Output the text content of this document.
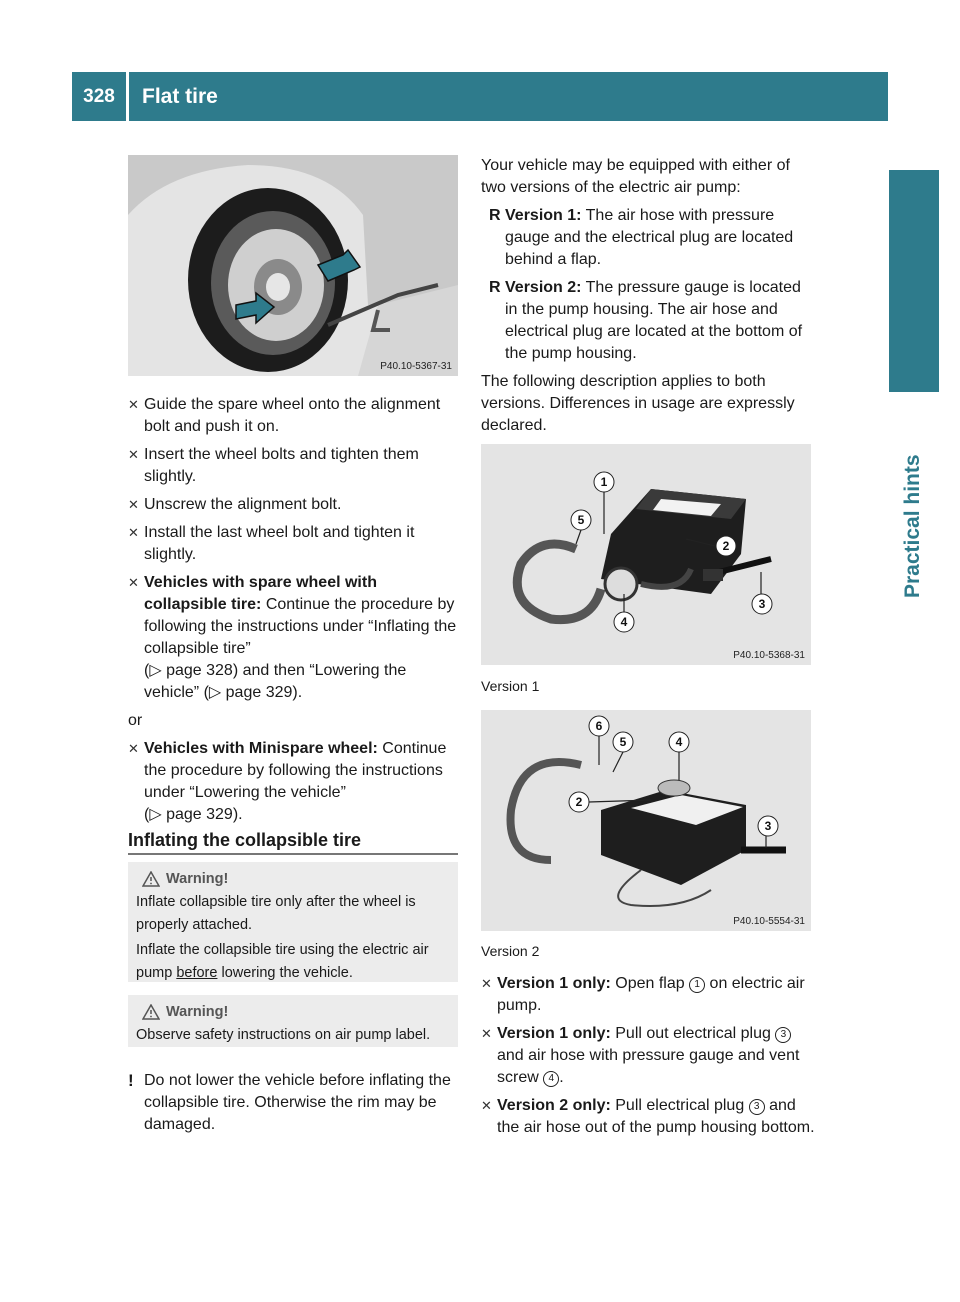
328	Flat tire
Practical hints
P40.10-5367-31
✕ Guide the spare wheel onto the alignment bolt and push it on.
✕ Insert the wheel bolts and tighten them slightly.
✕ Unscrew the alignment bolt.
✕ Install the last wheel bolt and tighten it slightly.
✕ Vehicles with spare wheel with collapsible tire: Continue the procedure by following the instructions under “Inflating the collapsible tire”
(▷ page 328) and then “Lowering the vehicle” (▷ page 329).
or
✕ Vehicles with Minispare wheel: Continue the procedure by following the instructions under “Lowering the vehicle”
(▷ page 329).
Inflating the collapsible tire
Warning!
Inflate collapsible tire only after the wheel is properly attached.
Inflate the collapsible tire using the electric air pump before lowering the vehicle.
Warning!
Observe safety instructions on air pump label.
! Do not lower the vehicle before inflating the collapsible tire. Otherwise the rim may be damaged.
Your vehicle may be equipped with either of two versions of the electric air pump:
R Version 1: The air hose with pressure gauge and the electrical plug are located behind a flap.
R Version 2: The pressure gauge is located in the pump housing. The air hose and electrical plug are located at the bottom of the pump housing.
The following description applies to both versions. Differences in usage are expressly declared.
1
5
2
3
4
P40.10-5368-31
Version 1
6
5	4
2
3
P40.10-5554-31
Version 2
✕ Version 1 only: Open flap 1 on electric air pump.
✕ Version 1 only: Pull out electrical plug 3 and air hose with pressure gauge and vent screw 4 .
✕ Version 2 only: Pull electrical plug 3 and the air hose out of the pump housing bottom.
